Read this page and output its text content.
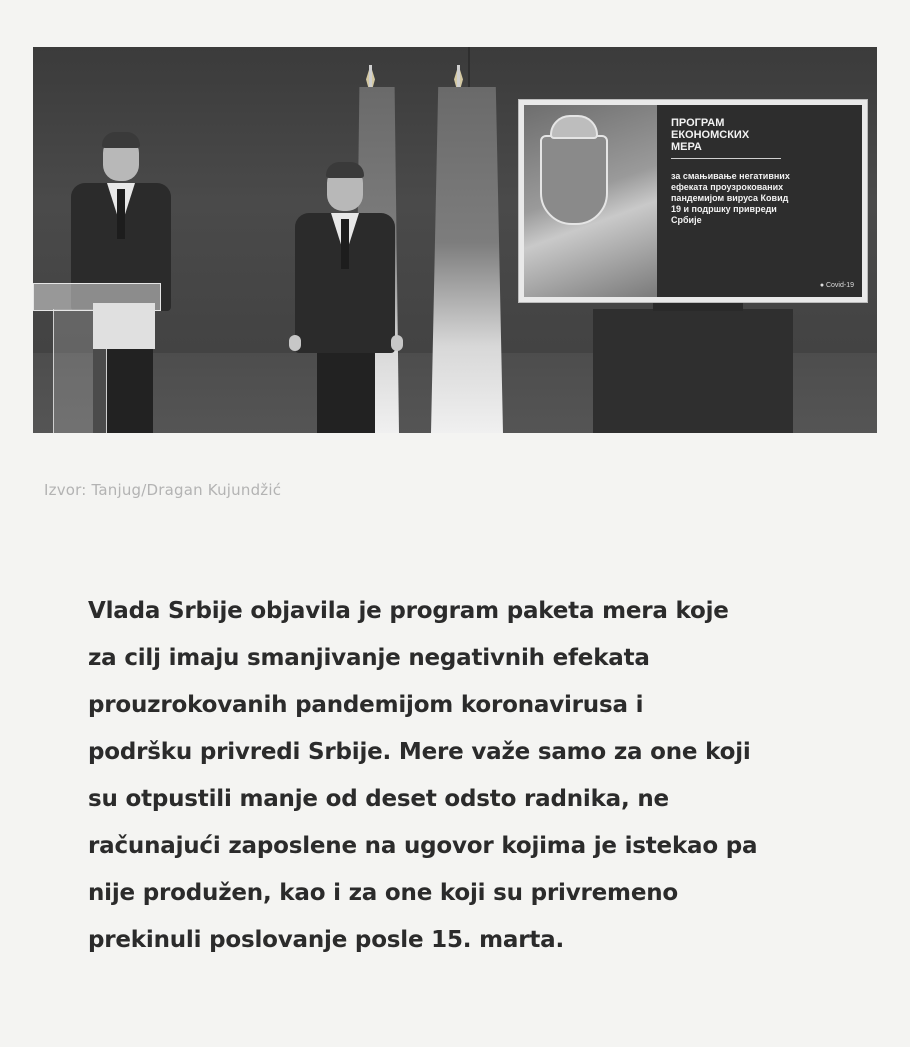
ПРОГРАМ
ЕКОНОМСКИХ МЕРА
за смањивање негативних
ефеката проузрокованих
пандемијом вируса Ковид
19 и подршку привреди
Србије
● Covid-19
Izvor: Tanjug/Dragan Kujundžić
Vlada Srbije objavila je program paketa mera koje
za cilj imaju smanjivanje negativnih efekata
prouzrokovanih pandemijom koronavirusa i
podršku privredi Srbije. Mere važe samo za one koji
su otpustili manje od deset odsto radnika, ne
računajući zaposlene na ugovor kojima je istekao pa
nije produžen, kao i za one koji su privremeno
prekinuli poslovanje posle 15. marta.
